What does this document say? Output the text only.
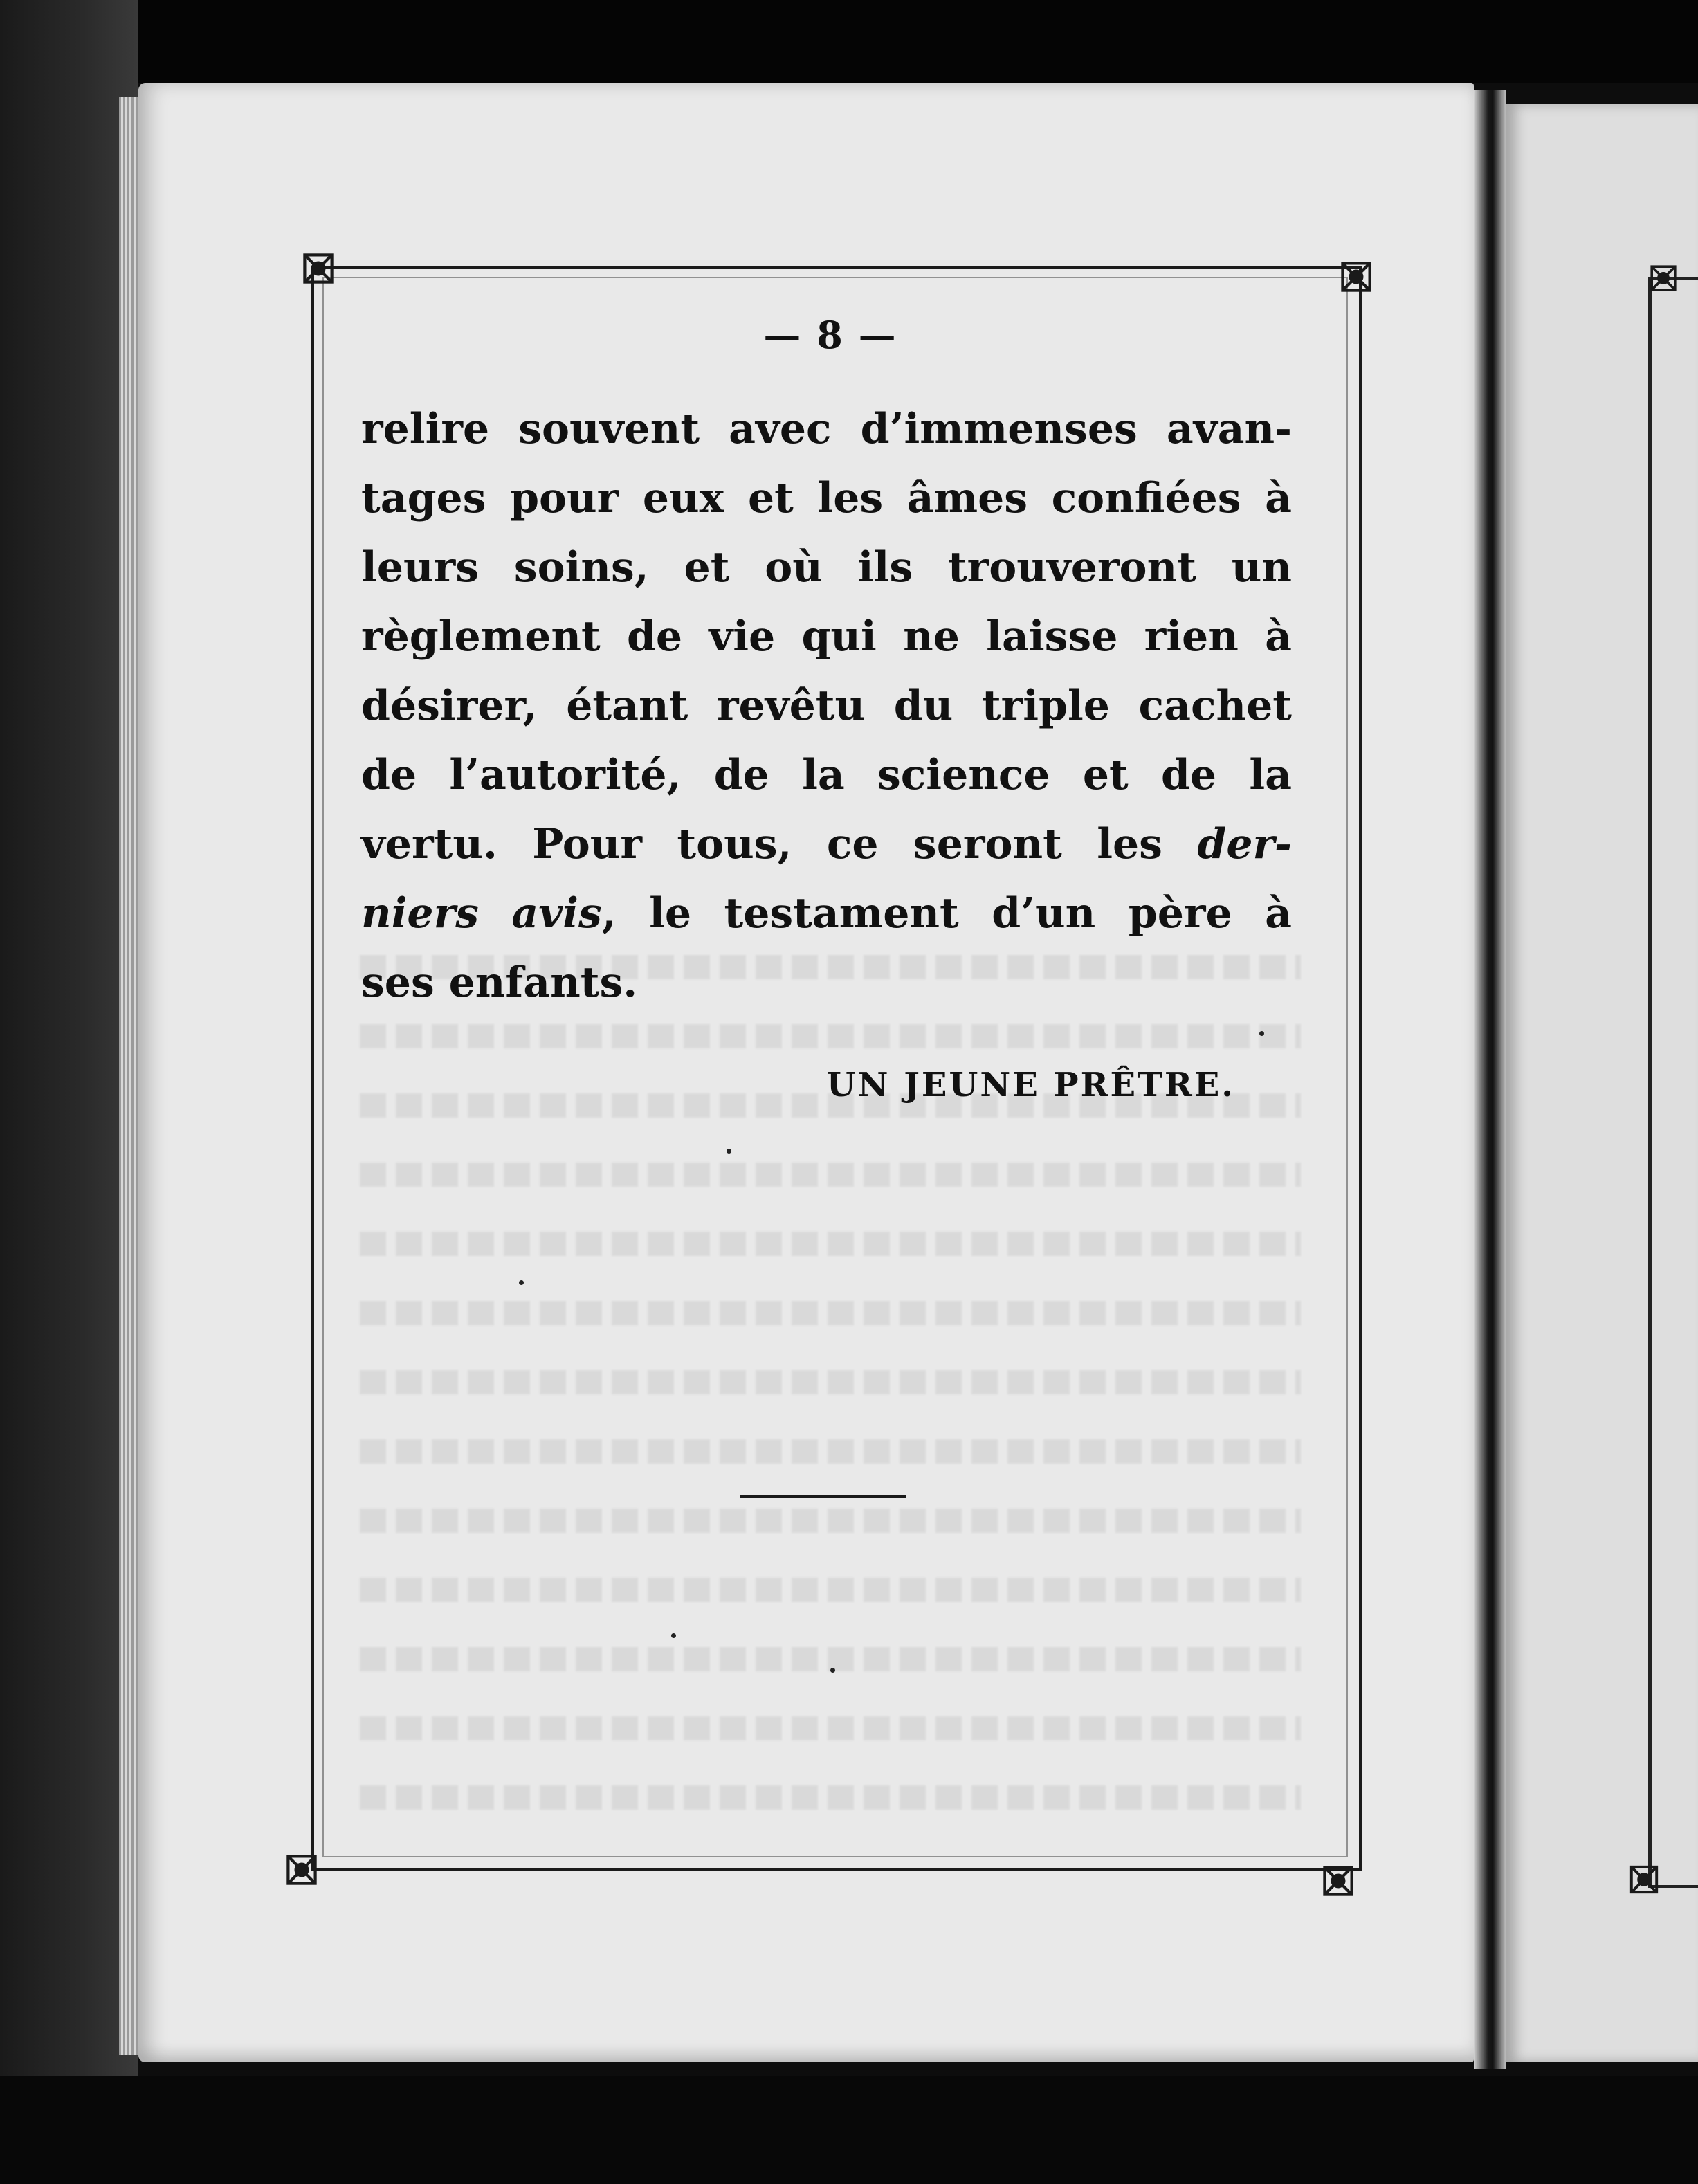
— 8 —
relire souvent avec d’immenses avan-
tages pour eux et les âmes confiées à
leurs soins, et où ils trouveront un
règlement de vie qui ne laisse rien à
désirer, étant revêtu du triple cachet
de l’autorité, de la science et de la
vertu. Pour tous, ce seront les der-
niers avis, le testament d’un père à
ses enfants.
UN JEUNE PRÊTRE.
